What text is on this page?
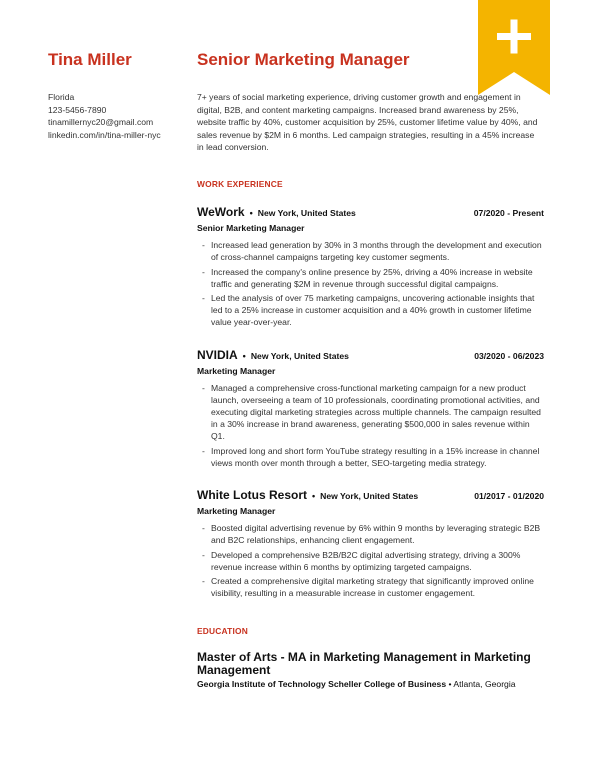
Tina Miller	Senior Marketing Manager
Florida
123-5456-7890
tinamillernyc20@gmail.com
linkedin.com/in/tina-miller-nyc
7+ years of social marketing experience, driving customer growth and engagement in digital, B2B, and content marketing campaigns. Increased brand awareness by 25%, website traffic by 40%, customer acquisition by 25%, customer lifetime value by 40%, and sales revenue by $2M in 6 months. Led campaign strategies, resulting in a 45% increase in lead conversion.
WORK EXPERIENCE
WeWork • New York, United States	07/2020 - Present
Senior Marketing Manager
- Increased lead generation by 30% in 3 months through the development and execution of cross-channel campaigns targeting key customer segments.
- Increased the company's online presence by 25%, driving a 40% increase in website traffic and generating $2M in revenue through successful digital campaigns.
- Led the analysis of over 75 marketing campaigns, uncovering actionable insights that led to a 25% increase in customer acquisition and a 40% growth in customer lifetime value year-over-year.
NVIDIA • New York, United States	03/2020 - 06/2023
Marketing Manager
- Managed a comprehensive cross-functional marketing campaign for a new product launch, overseeing a team of 10 professionals, coordinating promotional activities, and executing digital marketing strategies across multiple channels. The campaign resulted in a 30% increase in brand awareness, generating $500,000 in sales revenue within Q1.
- Improved long and short form YouTube strategy resulting in a 15% increase in channel views month over month through a better, SEO-targeting media strategy.
White Lotus Resort • New York, United States	01/2017 - 01/2020
Marketing Manager
- Boosted digital advertising revenue by 6% within 9 months by leveraging strategic B2B and B2C relationships, enhancing client engagement.
- Developed a comprehensive B2B/B2C digital advertising strategy, driving a 300% revenue increase within 6 months by optimizing targeted campaigns.
- Created a comprehensive digital marketing strategy that significantly improved online visibility, resulting in a measurable increase in customer engagement.
EDUCATION
Master of Arts - MA in Marketing Management in Marketing Management
Georgia Institute of Technology Scheller College of Business • Atlanta, Georgia
